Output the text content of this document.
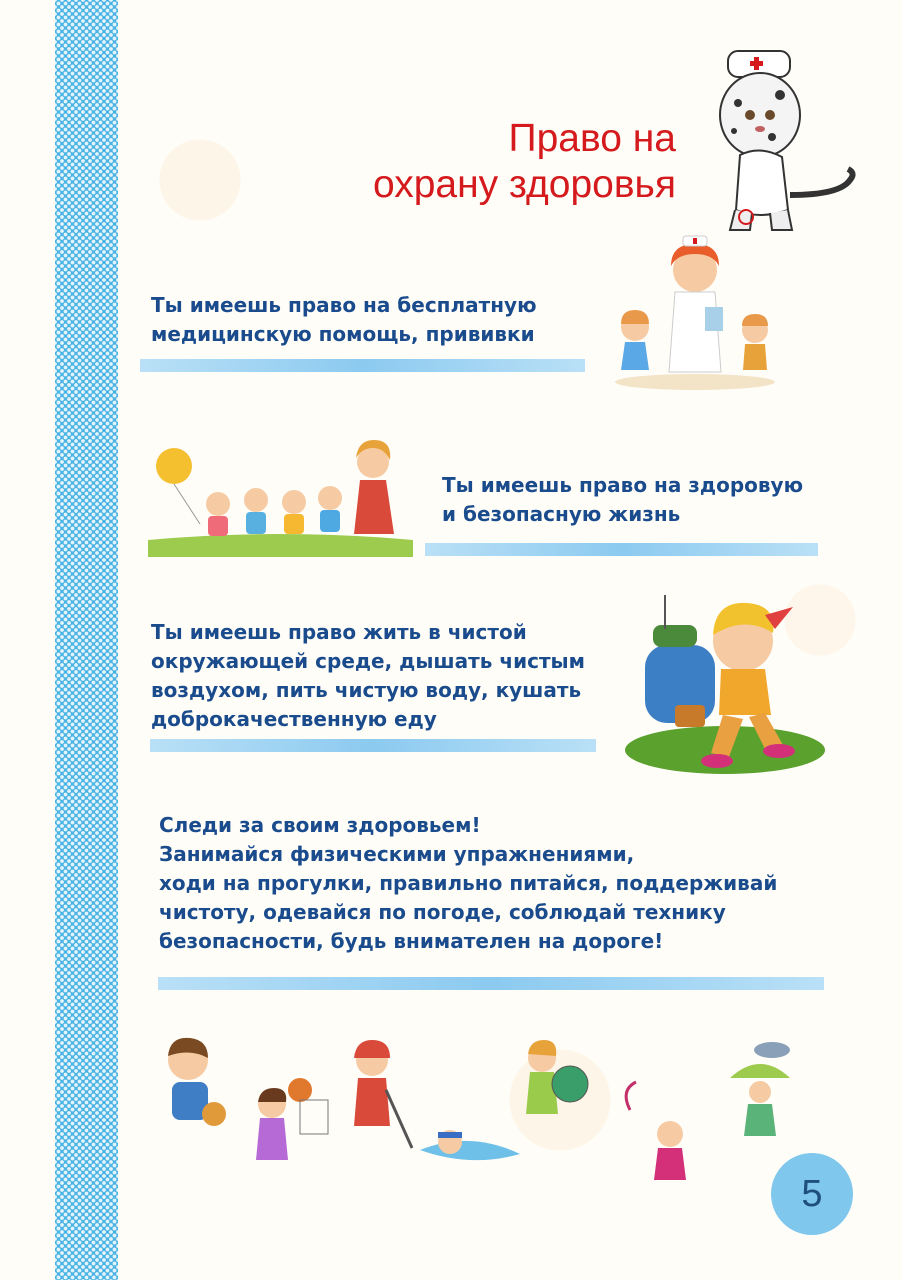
Право на
охрану здоровья

Ты имеешь право на бесплатную
медицинскую помощь, прививки

Ты имеешь право на здоровую
и безопасную жизнь

Ты имеешь право жить в чистой
окружающей среде, дышать чистым
воздухом, пить чистую воду, кушать
доброкачественную еду

Следи за своим здоровьем!
Занимайся физическими упражнениями,
ходи на прогулки, правильно питайся, поддерживай
чистоту, одевайся по погоде, соблюдай технику
безопасности, будь внимателен на дороге!

5
